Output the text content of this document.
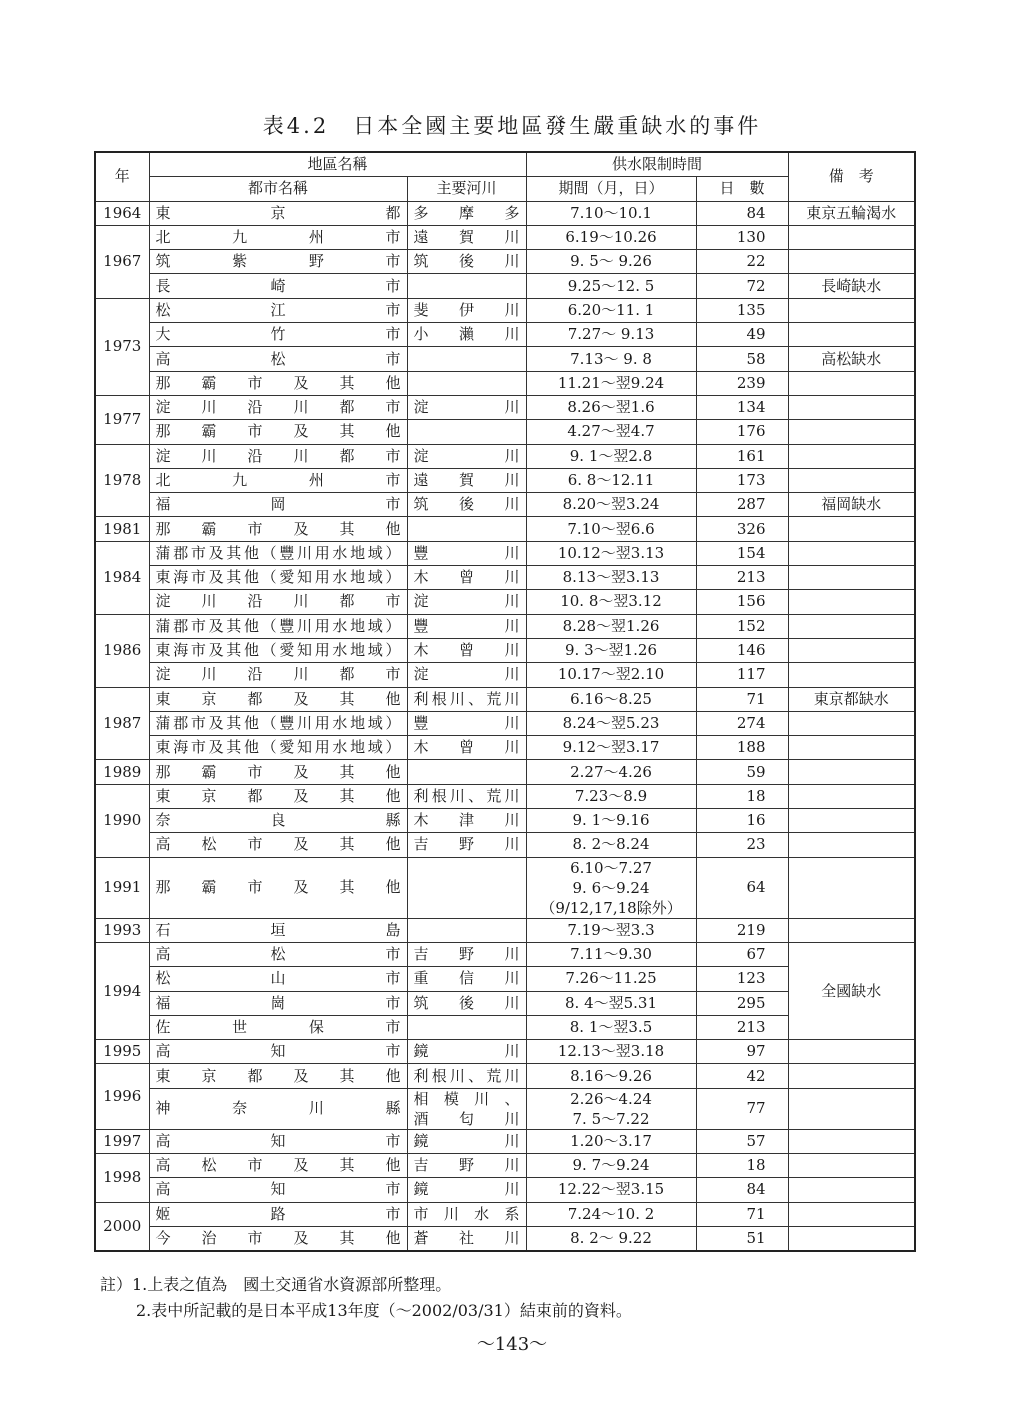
表4.2　日本全國主要地區發生嚴重缺水的事件
年	地區名稱		供水限制時間		備　考
	都市名稱	主要河川	期間（月，日）	日　數	
1964	東　京　都	多　摩　多	7.10～10.1	84	東京五輪渴水
1967	北　九　州　市	遠　賀　川	6.19～10.26	130	
	筑　紫　野　市	筑　後　川	9. 5～ 9.26	22	
	長　崎　市		9.25～12. 5	72	長崎缺水
1973	松　江　市	斐　伊　川	6.20～11. 1	135	
	大　竹　市	小　瀨　川	7.27～ 9.13	49	
	高　松　市		7.13～ 9. 8	58	高松缺水
	那　霸　市　及　其　他		11.21～翌9.24	239	
1977	淀　川　沿　川　都　市	淀　川	8.26～翌1.6	134	
	那　霸　市　及　其　他		4.27～翌4.7	176	
1978	淀　川　沿　川　都　市	淀　川	9. 1～翌2.8	161	
	北　九　州　市	遠　賀　川	6. 8～12.11	173	
	福　岡　市	筑　後　川	8.20～翌3.24	287	福岡缺水
1981	那　霸　市　及　其　他		7.10～翌6.6	326	
1984	蒲郡市及其他（豐川用水地域）	豐　川	10.12～翌3.13	154	
	東海市及其他（愛知用水地域）	木　曾　川	8.13～翌3.13	213	
	淀　川　沿　川　都　市	淀　川	10. 8～翌3.12	156	
1986	蒲郡市及其他（豐川用水地域）	豐　川	8.28～翌1.26	152	
	東海市及其他（愛知用水地域）	木　曾　川	9. 3～翌1.26	146	
	淀　川　沿　川　都　市	淀　川	10.17～翌2.10	117	
1987	東　京　都　及　其　他	利根川、荒川	6.16～8.25	71	東京都缺水
	蒲郡市及其他（豐川用水地域）	豐　川	8.24～翌5.23	274	
	東海市及其他（愛知用水地域）	木　曾　川	9.12～翌3.17	188	
1989	那　霸　市　及　其　他		2.27～4.26	59	
1990	東　京　都　及　其　他	利根川、荒川	7.23～8.9	18	
	奈　良　縣	木　津　川	9. 1～9.16	16	
	高　松　市　及　其　他	吉　野　川	8. 2～8.24	23	
1991	那　霸　市　及　其　他		6.10～7.27
9. 6～9.24
（9/12,17,18除外）	64	
1993	石　垣　島		7.19～翌3.3	219	
1994	高　松　市	吉　野　川	7.11～9.30	67	全國缺水
	松　山　市	重　信　川	7.26～11.25	123	
	福　崗　市	筑　後　川	8. 4～翌5.31	295	
	佐　世　保　市		8. 1～翌3.5	213	
1995	高　知　市	鏡　川	12.13～翌3.18	97	
1996	東　京　都　及　其　他	利根川、荒川	8.16～9.26	42	
	神　奈　川　縣	相　模　川　、
酒　匂　川	2.26～4.24
7. 5～7.22	77	
1997	高　知　市	鏡　川	1.20～3.17	57	
1998	高　松　市　及　其　他	吉　野　川	9. 7～9.24	18	
	高　知　市	鏡　川	12.22～翌3.15	84	
2000	姬　路　市	市　川　水　系	7.24～10. 2	71	
	今　治　市　及　其　他	蒼　社　川	8. 2～ 9.22	51	
註）1.上表之值為　國土交通省水資源部所整理。
2.表中所記載的是日本平成13年度（～2002/03/31）結束前的資料。
～143～
